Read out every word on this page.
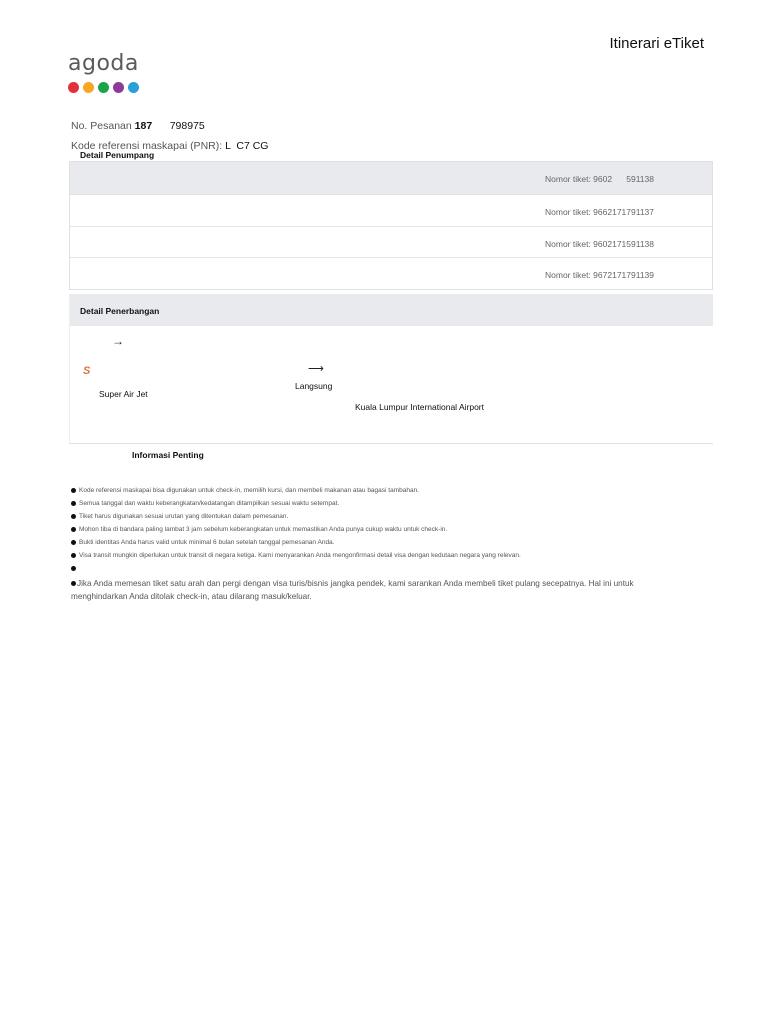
agoda
Itinerari eTiket
No. Pesanan 187 798975
Kode referensi maskapai (PNR): L  C7 CG
Detail Penumpang
Nomor tiket: 9602      591138
Nomor tiket: 9662171791137
Nomor tiket: 9602171591138
Nomor tiket: 9672171791139
Detail Penerbangan
→
S
Super Air Jet
⟶
Langsung
Kuala Lumpur International Airport
Informasi Penting
Kode referensi maskapai bisa digunakan untuk check-in, memilih kursi, dan membeli makanan atau bagasi tambahan.
Semua tanggal dan waktu keberangkatan/kedatangan ditampilkan sesuai waktu setempat.
Tiket harus digunakan sesuai urutan yang ditentukan dalam pemesanan.
Mohon tiba di bandara paling lambat 3 jam sebelum keberangkatan untuk memastikan Anda punya cukup waktu untuk check-in.
Bukti identitas Anda harus valid untuk minimal 6 bulan setelah tanggal pemesanan Anda.
Visa transit mungkin diperlukan untuk transit di negara ketiga. Kami menyarankan Anda mengonfirmasi detail visa dengan kedutaan negara yang relevan.
Jika Anda memesan tiket satu arah dan pergi dengan visa turis/bisnis jangka pendek, kami sarankan Anda membeli tiket pulang secepatnya. Hal ini untuk menghindarkan Anda ditolak check-in, atau dilarang masuk/keluar.
